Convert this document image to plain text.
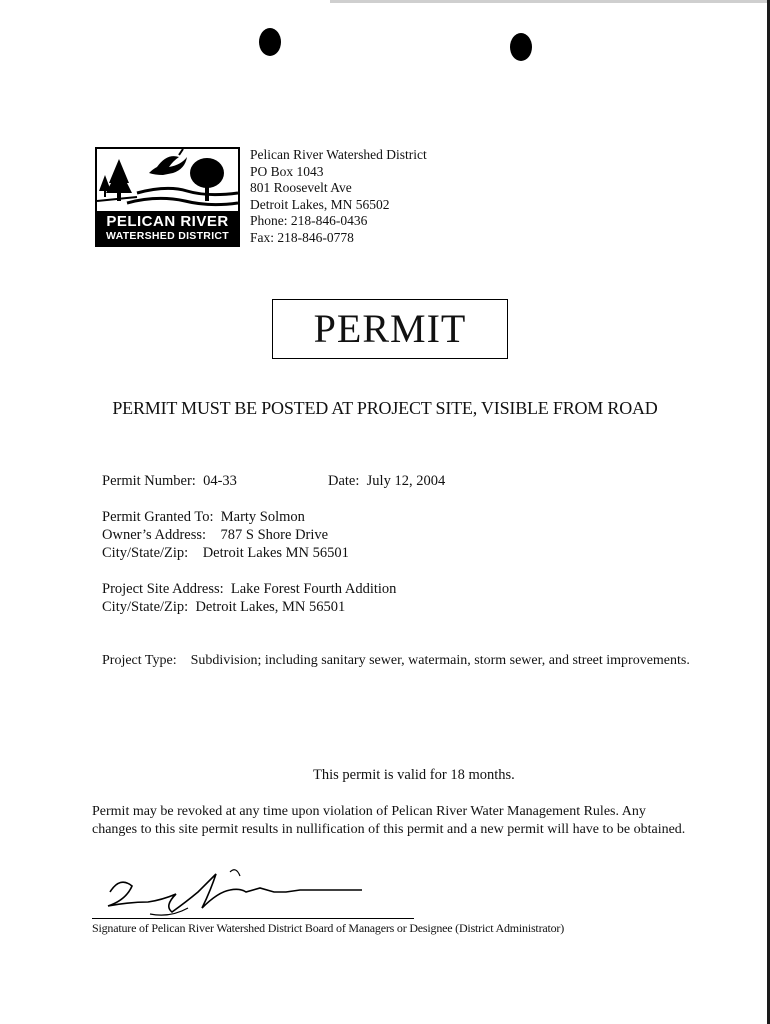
PELICAN RIVER
WATERSHED DISTRICT
Pelican River Watershed District
PO Box 1043
801 Roosevelt Ave
Detroit Lakes, MN 56502
Phone: 218-846-0436
Fax: 218-846-0778
PERMIT
PERMIT MUST BE POSTED AT PROJECT SITE, VISIBLE FROM ROAD
Permit Number: 04-33	Date: July 12, 2004
Permit Granted To: Marty Solmon
Owner’s Address: 787 S Shore Drive
City/State/Zip: Detroit Lakes MN 56501
Project Site Address: Lake Forest Fourth Addition
City/State/Zip: Detroit Lakes, MN 56501
Project Type: Subdivision; including sanitary sewer, watermain, storm sewer, and street improvements.
This permit is valid for 18 months.
Permit may be revoked at any time upon violation of Pelican River Water Management Rules. Any
changes to this site permit results in nullification of this permit and a new permit will have to be obtained.
Signature of Pelican River Watershed District Board of Managers or Designee (District Administrator)
